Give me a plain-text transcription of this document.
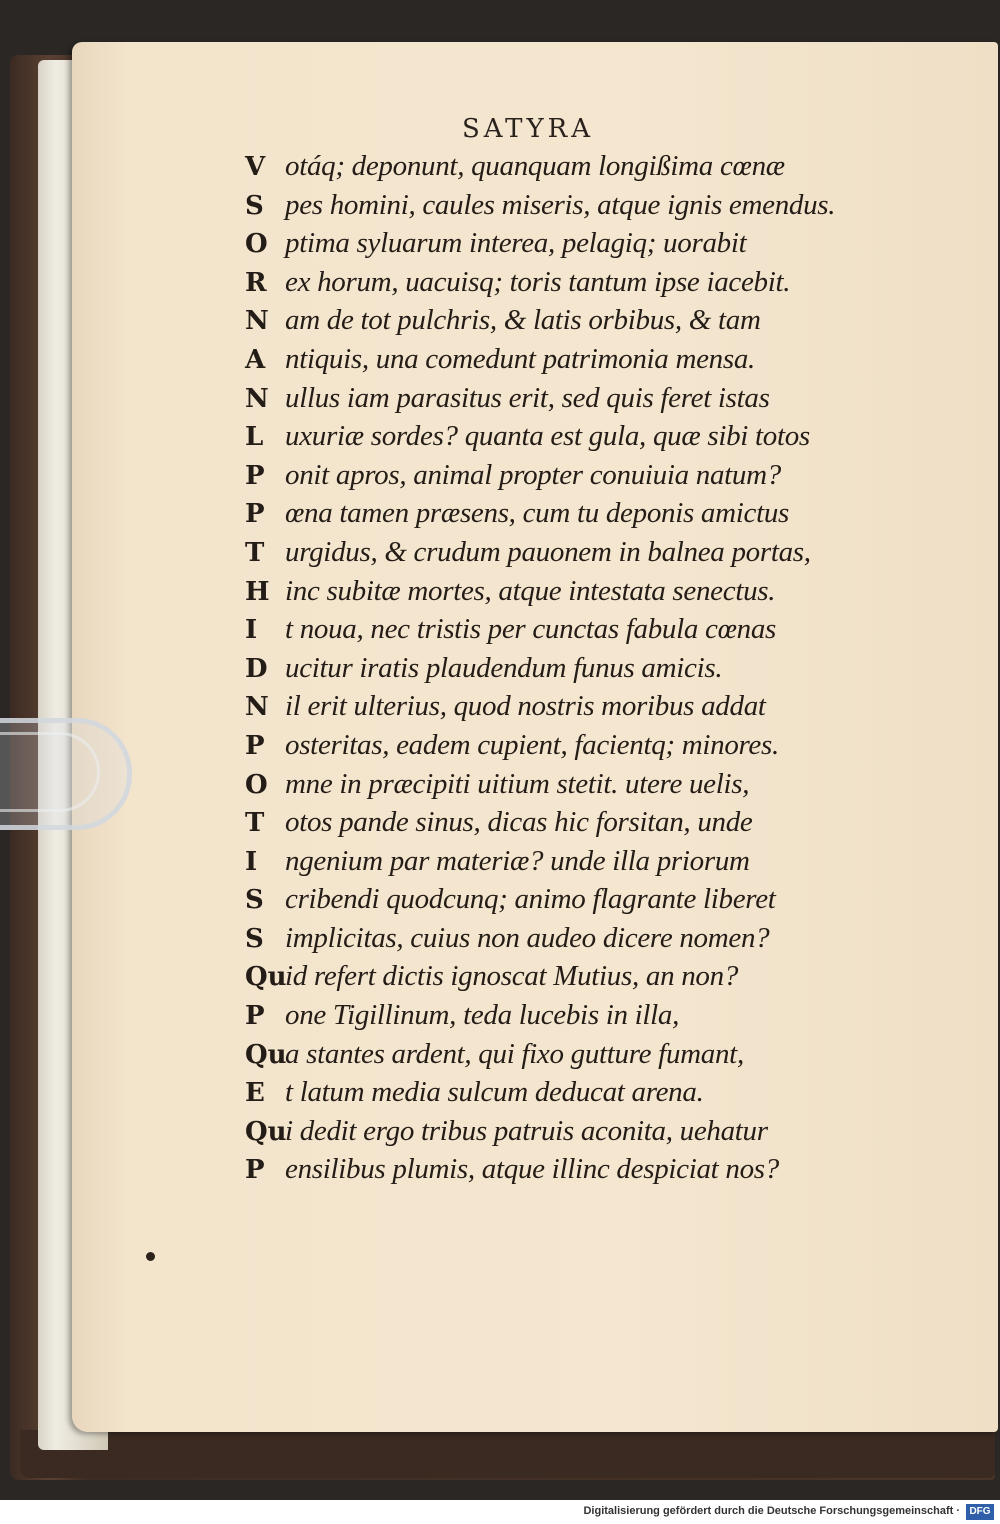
SATYRA
V otáq; deponunt, quanquam longißima cœnæ
S pes homini, caules miseris, atque ignis emendus.
O ptima syluarum interea, pelagiq; uorabit
R ex horum, uacuisq; toris tantum ipse iacebit.
N am de tot pulchris, & latis orbibus, & tam
A ntiquis, una comedunt patrimonia mensa.
N ullus iam parasitus erit, sed quis feret istas
L uxuriæ sordes? quanta est gula, quæ sibi totos
P onit apros, animal propter conuiuia natum?
P œna tamen præsens, cum tu deponis amictus
T urgidus, & crudum pauonem in balnea portas,
H inc subitæ mortes, atque intestata senectus.
I t noua, nec tristis per cunctas fabula cœnas
D ucitur iratis plaudendum funus amicis.
N il erit ulterius, quod nostris moribus addat
P osteritas, eadem cupient, facientq; minores.
O mne in præcipiti uitium stetit. utere uelis,
T otos pande sinus, dicas hic forsitan, unde
I ngenium par materiæ? unde illa priorum
S cribendi quodcunq; animo flagrante liberet
S implicitas, cuius non audeo dicere nomen?
Qu
id refert dictis ignoscat Mutius, an non?
P one Tigillinum, teda lucebis in illa,
Qu
a stantes ardent, qui fixo gutture fumant,
E t latum media sulcum deducat arena.
Qu
i dedit ergo tribus patruis aconita, uehatur
P ensilibus plumis, atque illinc despiciat nos?
Digitalisierung gefördert durch die Deutsche Forschungsgemeinschaft · DFG
